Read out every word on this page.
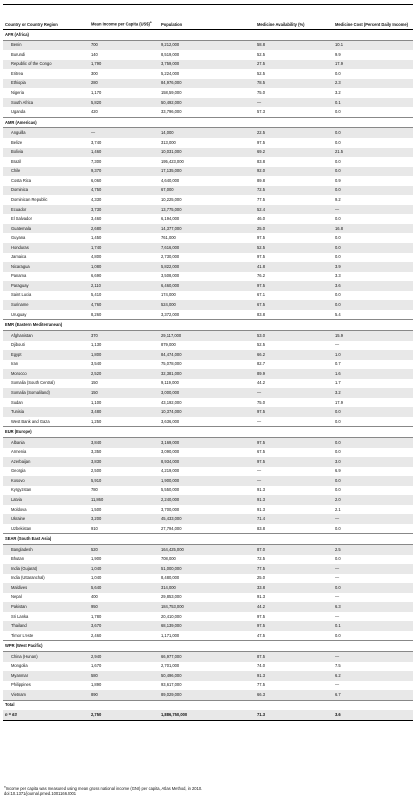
Country or Country Region	Mean Income per Capita (US$)$^a$	Population	Medicine Availability (%)	Medicine Cost (Percent Daily Income)
AFR (Africa)				
Benin	700	9,212,000	58.8	10.1
Burundi	140	8,519,000	52.5	9.9
Republic of the Congo	1,790	3,759,000	27.5	17.9
Eritrea	300	5,224,000	52.5	0.0
Ethiopia	280	84,976,000	78.5	2.3
Nigeria	1,170	158,59,000	75.0	3.2
South Africa	5,820	50,492,000	—	0.1
Uganda	420	33,796,000	57.3	0.0
AMR (Americas)				
Anguilla	—	14,000	22.5	0.0
Belize	3,740	313,000	97.5	0.0
Bolivia	1,460	10,031,000	69.2	21.5
Brazil	7,300	195,423,000	83.8	0.0
Chile	9,370	17,135,000	92.0	0.0
Costa Rica	6,060	4,640,000	89.8	0.9
Dominica	4,750	67,000	72.5	0.0
Dominican Republic	4,330	10,225,000	77.5	9.2
Ecuador	3,730	13,775,000	52.4	—
El Salvador	3,460	6,194,000	46.0	0.0
Guatemala	2,680	14,377,000	25.0	16.8
Guyana	1,450	761,000	97.5	0.0
Honduras	1,740	7,616,000	52.5	0.0
Jamaica	4,800	2,730,000	97.5	0.0
Nicaragua	1,080	5,822,000	41.8	3.9
Panama	6,690	3,508,000	76.2	3.3
Paraguay	2,110	6,460,000	97.5	3.6
Saint Lucia	5,410	174,000	67.1	0.0
Suriname	4,760	524,000	67.5	0.0
Uruguay	8,260	3,372,000	83.8	5.4
EMR (Eastern Mediterranean)				
Afghanistan	370	29,117,000	53.0	15.9
Djibouti	1,130	879,000	52.5	—
Egypt	1,800	84,474,000	66.2	1.0
Iran	3,540	75,078,000	82.7	0.7
Morocco	2,520	32,381,000	89.9	1.6
Somalia (South Central)	150	9,119,000	44.2	1.7
Somalia (Somaliland)	150	3,000,000	—	3.2
Sudan	1,100	43,192,000	75.0	17.9
Tunisia	3,480	10,374,000	97.5	0.0
West Bank and Gaza	1,250	3,636,000	—	0.0
EUR (Europe)				
Albania	3,840	3,169,000	97.5	0.0
Armenia	3,350	3,090,000	67.5	0.0
Azerbaijan	3,830	8,934,000	97.5	3.0
Georgia	2,500	4,219,000	—	6.9
Kosovo	5,910	1,900,000	—	0.0
Kyrgyzstan	780	5,550,000	91.3	0.0
Latvia	11,860	2,240,000	91.3	2.0
Moldova	1,500	3,700,000	91.3	2.1
Ukraine	3,200	45,433,000	71.4	—
Uzbekistan	910	27,794,000	83.8	0.0
SEAR (South East Asia)				
Bangladesh	520	164,425,000	87.0	2.5
Bhutan	1,900	708,000	72.5	0.0
India (Gujarat)	1,040	51,000,000	77.5	—
India (Uttaranchal)	1,040	8,480,000	25.0	—
Maldives	5,640	314,000	33.8	0.0
Nepal	400	29,853,000	91.3	—
Pakistan	950	184,753,000	44.2	6.3
Sri Lanka	1,780	20,410,000	97.5	—
Thailand	3,670	68,139,000	97.5	0.1
Timor L'este	2,460	1,171,000	47.5	0.0
WPR (West Pacific)				
China (Hunan)	2,940	66,977,000	87.5	—
Mongolia	1,670	2,701,000	74.0	7.5
Myanmar	580	50,496,000	91.3	6.2
Philippines	1,890	93,617,000	77.5	—
Vietnam	890	89,029,000	66.3	6.7
Total				
n = 63	2,750	1,886,750,000	71.3	3.6
$^a$Income per capita was measured using mean gross national income (GNI) per capita, Atlas Method, in 2010.
doi:10.1371/journal.pmed.1001166.t001
